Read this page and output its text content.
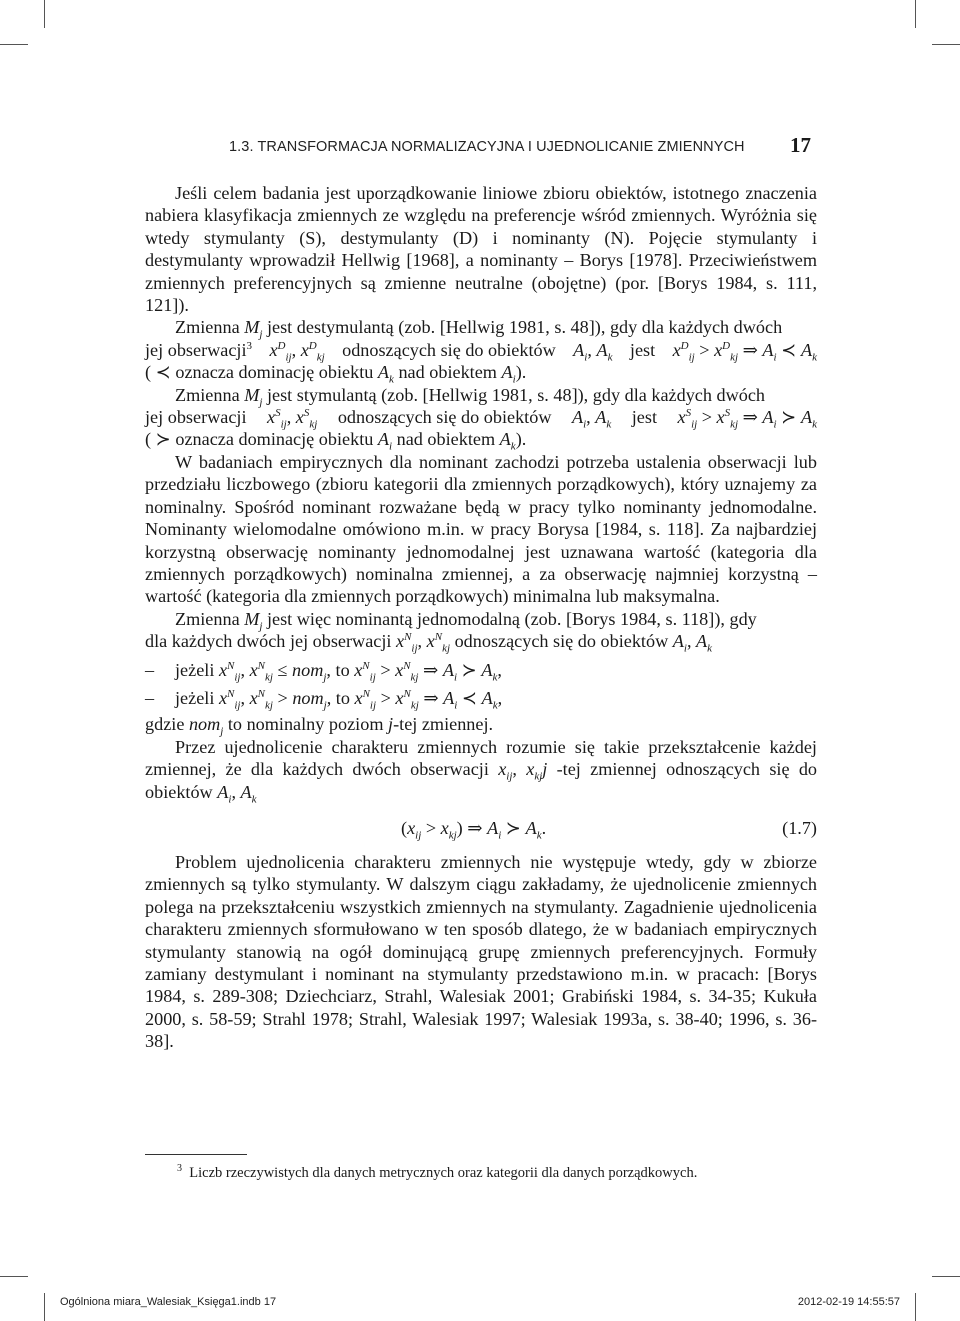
1.3. TRANSFORMACJA NORMALIZACYJNA I UJEDNOLICANIE ZMIENNYCH	17

Jeśli celem badania jest uporządkowanie liniowe zbioru obiektów, istotnego znaczenia nabiera klasyfikacja zmiennych ze względu na preferencje wśród zmiennych. Wyróżnia się wtedy stymulanty (S), destymulanty (D) i nominanty (N). Pojęcie stymulanty i destymulanty wprowadził Hellwig [1968], a nominanty – Borys [1978]. Przeciwieństwem zmiennych preferencyjnych są zmienne neutralne (obojętne) (por. [Borys 1984, s. 111, 121]).

Zmienna $M_j$ jest destymulantą (zob. [Hellwig 1981, s. 48]), gdy dla każdych dwóch

jej obserwacji$^3$ $x^D_{ij}$, $x^D_{kj}$ odnoszących się do obiektów $A_i$, $A_k$ jest $x^D_{ij} > x^D_{kj}$ ⇒ $A_i$ ≺ $A_k$

( ≺ oznacza dominację obiektu $A_k$ nad obiektem $A_i$).

Zmienna $M_j$ jest stymulantą (zob. [Hellwig 1981, s. 48]), gdy dla każdych dwóch

jej obserwacji $x^S_{ij}$, $x^S_{kj}$ odnoszących się do obiektów $A_i$, $A_k$ jest $x^S_{ij} > x^S_{kj}$ ⇒ $A_i$ ≻ $A_k$

( ≻ oznacza dominację obiektu $A_i$ nad obiektem $A_k$).

W badaniach empirycznych dla nominant zachodzi potrzeba ustalenia obserwacji lub przedziału liczbowego (zbioru kategorii dla zmiennych porządkowych), który uznajemy za nominalny. Spośród nominant rozważane będą w pracy tylko nominanty jednomodalne. Nominanty wielomodalne omówiono m.in. w pracy Borysa [1984, s. 118]. Za najbardziej korzystną obserwację nominanty jednomodalnej jest uznawana wartość (kategoria dla zmiennych porządkowych) nominalna zmiennej, a za obserwację najmniej korzystną – wartość (kategoria dla zmiennych porządkowych) minimalna lub maksymalna.

Zmienna $M_j$ jest więc nominantą jednomodalną (zob. [Borys 1984, s. 118]), gdy

dla każdych dwóch jej obserwacji $x^N_{ij}$, $x^N_{kj}$ odnoszących się do obiektów $A_i$, $A_k$

–	jeżeli $x^N_{ij}$, $x^N_{kj} \le nom_j$, to $x^N_{ij} > x^N_{kj}$ ⇒ $A_i$ ≻ $A_k$,

–	jeżeli $x^N_{ij}$, $x^N_{kj} > nom_j$, to $x^N_{ij} > x^N_{kj}$ ⇒ $A_i$ ≺ $A_k$,

gdzie nom$_j$ to nominalny poziom j-tej zmiennej.

Przez ujednolicenie charakteru zmiennych rozumie się takie przekształcenie każdej zmiennej, że dla każdych dwóch obserwacji $x_{ij}$, $x_{kj}j$ -tej zmiennej odnoszących się do obiektów $A_i$, $A_k$

$(x_{ij} > x_{kj})$ ⇒ $A_i$ ≻ $A_k$.	(1.7)

Problem ujednolicenia charakteru zmiennych nie występuje wtedy, gdy w zbiorze zmiennych są tylko stymulanty. W dalszym ciągu zakładamy, że ujednolicenie zmiennych polega na przekształceniu wszystkich zmiennych na stymulanty. Zagadnienie ujednolicenia charakteru zmiennych sformułowano w ten sposób dlatego, że w badaniach empirycznych stymulanty stanowią na ogół dominującą grupę zmiennych preferencyjnych. Formuły zamiany destymulant i nominant na stymulanty przedstawiono m.in. w pracach: [Borys 1984, s. 289-308; Dziechciarz, Strahl, Walesiak 2001; Grabiński 1984, s. 34-35; Kukuła 2000, s. 58-59; Strahl 1978; Strahl, Walesiak 1997; Walesiak 1993a, s. 38-40; 1996, s. 36-38].

$^3$ Liczb rzeczywistych dla danych metrycznych oraz kategorii dla danych porządkowych.
Ogólniona miara_Walesiak_Księga1.indb 17	2012-02-19 14:55:57
